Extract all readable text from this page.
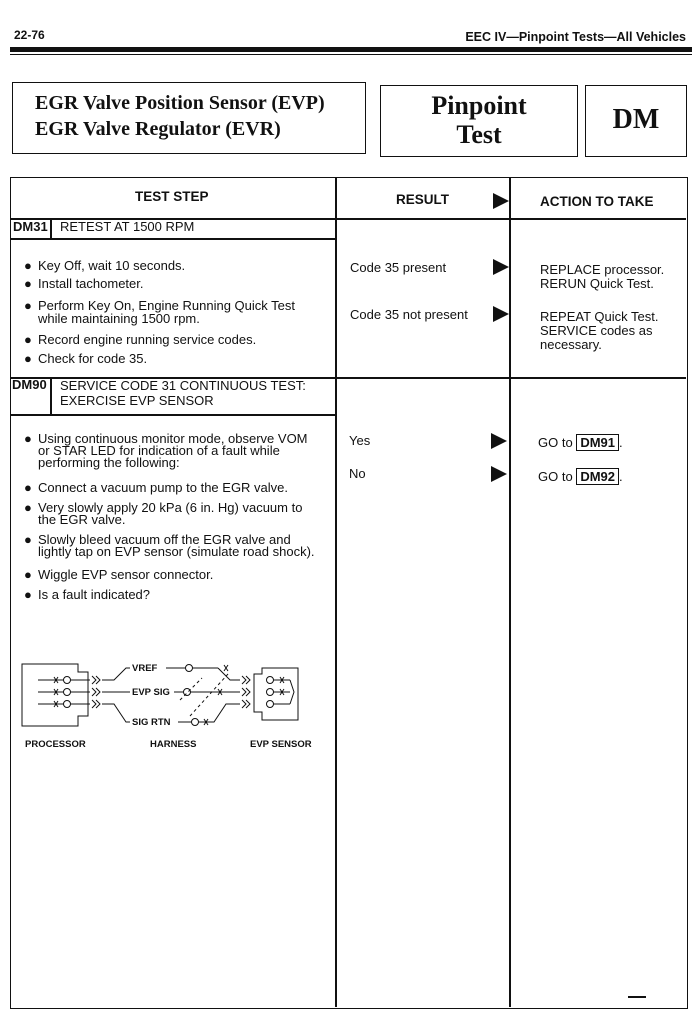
22-76	EEC IV—Pinpoint Tests—All Vehicles
EGR Valve Position Sensor (EVP)
EGR Valve Regulator (EVR)
Pinpoint
Test	DM
TEST STEP	RESULT	ACTION TO TAKE
DM31 RETEST AT 1500 RPM
● Key Off, wait 10 seconds.
● Install tachometer.
● Perform Key On, Engine Running Quick Test
while maintaining 1500 rpm.
● Record engine running service codes.
● Check for code 35.
Code 35 present	REPLACE processor.
RERUN Quick Test.
Code 35 not present	REPEAT Quick Test.
SERVICE codes as
necessary.
DM90 SERVICE CODE 31 CONTINUOUS TEST:
EXERCISE EVP SENSOR
● Using continuous monitor mode, observe VOM
or STAR LED for indication of a fault while
performing the following:
● Connect a vacuum pump to the EGR valve.
● Very slowly apply 20 kPa (6 in. Hg) vacuum to
the EGR valve.
● Slowly bleed vacuum off the EGR valve and
lightly tap on EVP sensor (simulate road shock).
● Wiggle EVP sensor connector.
● Is a fault indicated?
Yes	GO to DM91 .
No	GO to DM92 .
VREF
EVP SIG
SIG RTN
PROCESSOR	HARNESS	EVP SENSOR
